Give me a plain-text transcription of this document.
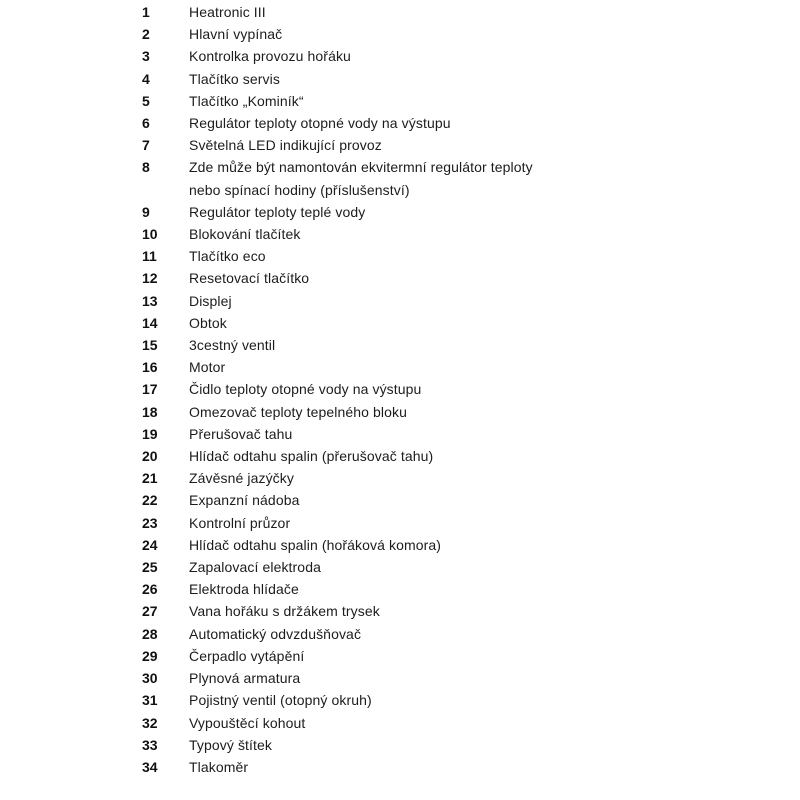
1	Heatronic III
2	Hlavní vypínač
3	Kontrolka provozu hořáku
4	Tlačítko servis
5	Tlačítko „Kominík“
6	Regulátor teploty otopné vody na výstupu
7	Světelná LED indikující provoz
8	Zde může být namontován ekvitermní regulátor teploty
nebo spínací hodiny (příslušenství)
9	Regulátor teploty teplé vody
10	Blokování tlačítek
11	Tlačítko eco
12	Resetovací tlačítko
13	Displej
14	Obtok
15	3cestný ventil
16	Motor
17	Čidlo teploty otopné vody na výstupu
18	Omezovač teploty tepelného bloku
19	Přerušovač tahu
20	Hlídač odtahu spalin (přerušovač tahu)
21	Závěsné jazýčky
22	Expanzní nádoba
23	Kontrolní průzor
24	Hlídač odtahu spalin (hořáková komora)
25	Zapalovací elektroda
26	Elektroda hlídače
27	Vana hořáku s držákem trysek
28	Automatický odvzdušňovač
29	Čerpadlo vytápění
30	Plynová armatura
31	Pojistný ventil (otopný okruh)
32	Vypouštěcí kohout
33	Typový štítek
34	Tlakoměr
